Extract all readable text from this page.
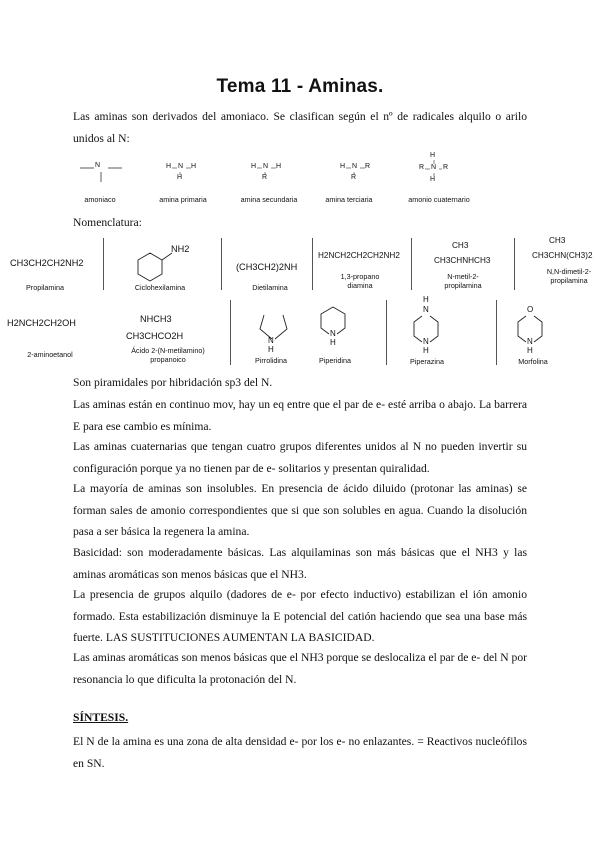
Tema 11 - Aminas.
Las aminas son derivados del amoniaco. Se clasifican según el nº de radicales alquilo o arilo unidos al N:
N	H N H
H
H N H
R
H N R
R
H
R N R
H
amoniaco	amina primaria	amina secundaria	amina terciaria	amonio cuaternario
Nomenclatura:
CH3CH2CH2NH2
Propilamina
NH2
Ciclohexilamina
(CH3CH2)2NH
Dietilamina
H2NCH2CH2CH2NH2
1,3-propano diamina
CH3
CH3CHNHCH3
N-metil-2-propilamina
CH3
CH3CHN(CH3)2
N,N-dimetil-2-propilamina
H2NCH2CH2OH
2-aminoetanol
NHCH3
CH3CHCO2H
Ácido 2-(N-metilamino) propanoico
N
H
Pirrolidina
N
H
Piperidina
H
N
N
H
Piperazina
O
N
H
Morfolina
Son piramidales por hibridación sp3 del N.
Las aminas están en continuo mov, hay un eq entre que el par de e- esté arriba o abajo. La barrera E para ese cambio es mínima.
Las aminas cuaternarias que tengan cuatro grupos diferentes unidos al N no pueden invertir su configuración porque ya no tienen par de e- solitarios y presentan quiralidad.
La mayoría de aminas son insolubles. En presencia de ácido diluido (protonar las aminas) se forman sales de amonio correspondientes que si que son solubles en agua. Cuando la disolución pasa a ser básica la regenera la amina.
Basicidad: son moderadamente básicas. Las alquilaminas son más básicas que el NH3 y las aminas aromáticas son menos básicas que el NH3.
La presencia de grupos alquilo (dadores de e- por efecto inductivo) estabilizan el ión amonio formado. Esta estabilización disminuye la E potencial del catión haciendo que sea una base más fuerte. LAS SUSTITUCIONES AUMENTAN LA BASICIDAD.
Las aminas aromáticas son menos básicas que el NH3 porque se deslocaliza el par de e- del N por resonancia lo que dificulta la protonación del N.
SÍNTESIS.
El N de la amina es una zona de alta densidad e- por los e- no enlazantes. = Reactivos nucleófilos en SN.
